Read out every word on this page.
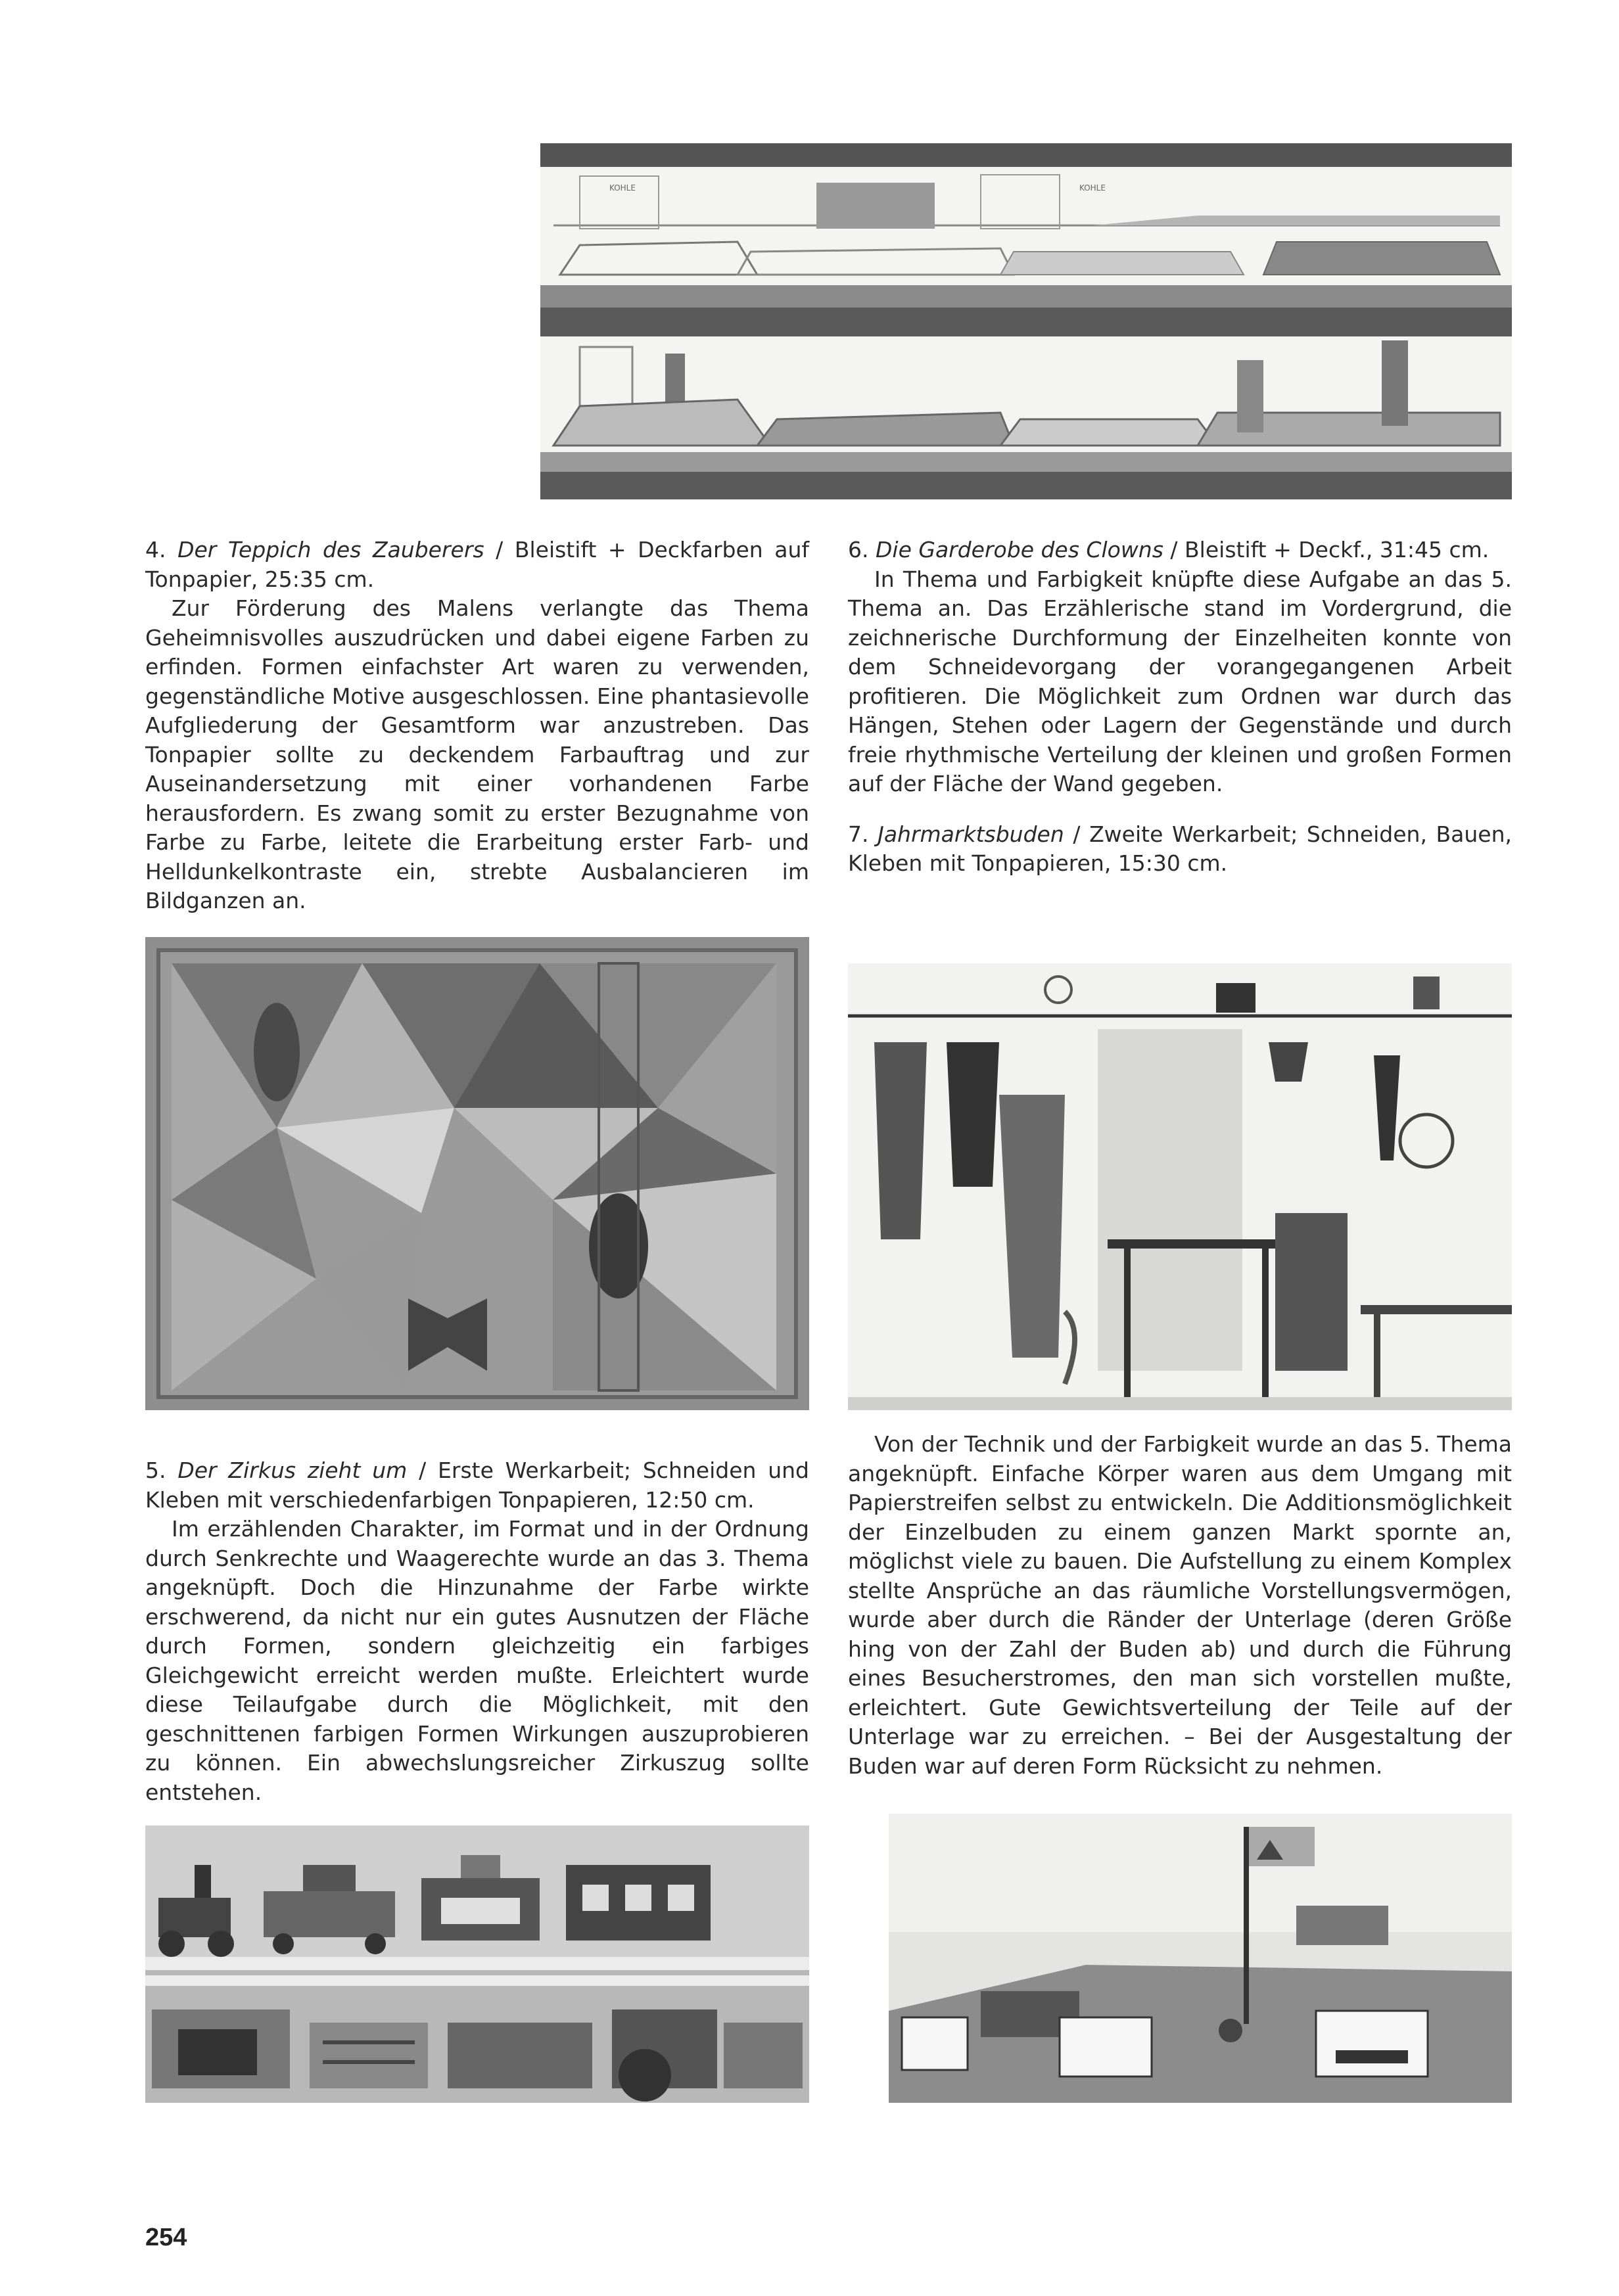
KOHLE	KOHLE

4. Der Teppich des Zauberers / Bleistift + Deckfarben auf Tonpapier, 25:35 cm.

Zur Förderung des Malens verlangte das Thema Geheimnisvolles auszudrücken und dabei eigene Farben zu erfinden. Formen einfachster Art waren zu verwenden, gegenständliche Motive ausgeschlossen. Eine phantasievolle Aufgliederung der Gesamtform war anzustreben. Das Tonpapier sollte zu deckendem Farbauftrag und zur Auseinandersetzung mit einer vorhandenen Farbe herausfordern. Es zwang somit zu erster Bezugnahme von Farbe zu Farbe, leitete die Erarbeitung erster Farb- und Helldunkelkontraste ein, strebte Ausbalancieren im Bildganzen an.

6. Die Garderobe des Clowns / Bleistift + Deckf., 31:45 cm.

In Thema und Farbigkeit knüpfte diese Aufgabe an das 5. Thema an. Das Erzählerische stand im Vordergrund, die zeichnerische Durchformung der Einzelheiten konnte von dem Schneidevorgang der vorangegangenen Arbeit profitieren. Die Möglichkeit zum Ordnen war durch das Hängen, Stehen oder Lagern der Gegenstände und durch freie rhythmische Verteilung der kleinen und großen Formen auf der Fläche der Wand gegeben.

7. Jahrmarktsbuden / Zweite Werkarbeit; Schneiden, Bauen, Kleben mit Tonpapieren, 15:30 cm.

5. Der Zirkus zieht um / Erste Werkarbeit; Schneiden und Kleben mit verschiedenfarbigen Tonpapieren, 12:50 cm.

Im erzählenden Charakter, im Format und in der Ordnung durch Senkrechte und Waagerechte wurde an das 3. Thema angeknüpft. Doch die Hinzunahme der Farbe wirkte erschwerend, da nicht nur ein gutes Ausnutzen der Fläche durch Formen, sondern gleichzeitig ein farbiges Gleichgewicht erreicht werden mußte. Erleichtert wurde diese Teilaufgabe durch die Möglichkeit, mit den geschnittenen farbigen Formen Wirkungen auszuprobieren zu können. Ein abwechslungsreicher Zirkuszug sollte entstehen.

Von der Technik und der Farbigkeit wurde an das 5. Thema angeknüpft. Einfache Körper waren aus dem Umgang mit Papierstreifen selbst zu entwickeln. Die Additionsmöglichkeit der Einzelbuden zu einem ganzen Markt spornte an, möglichst viele zu bauen. Die Aufstellung zu einem Komplex stellte Ansprüche an das räumliche Vorstellungsvermögen, wurde aber durch die Ränder der Unterlage (deren Größe hing von der Zahl der Buden ab) und durch die Führung eines Besucherstromes, den man sich vorstellen mußte, erleichtert. Gute Gewichtsverteilung der Teile auf der Unterlage war zu erreichen. – Bei der Ausgestaltung der Buden war auf deren Form Rücksicht zu nehmen.

254
